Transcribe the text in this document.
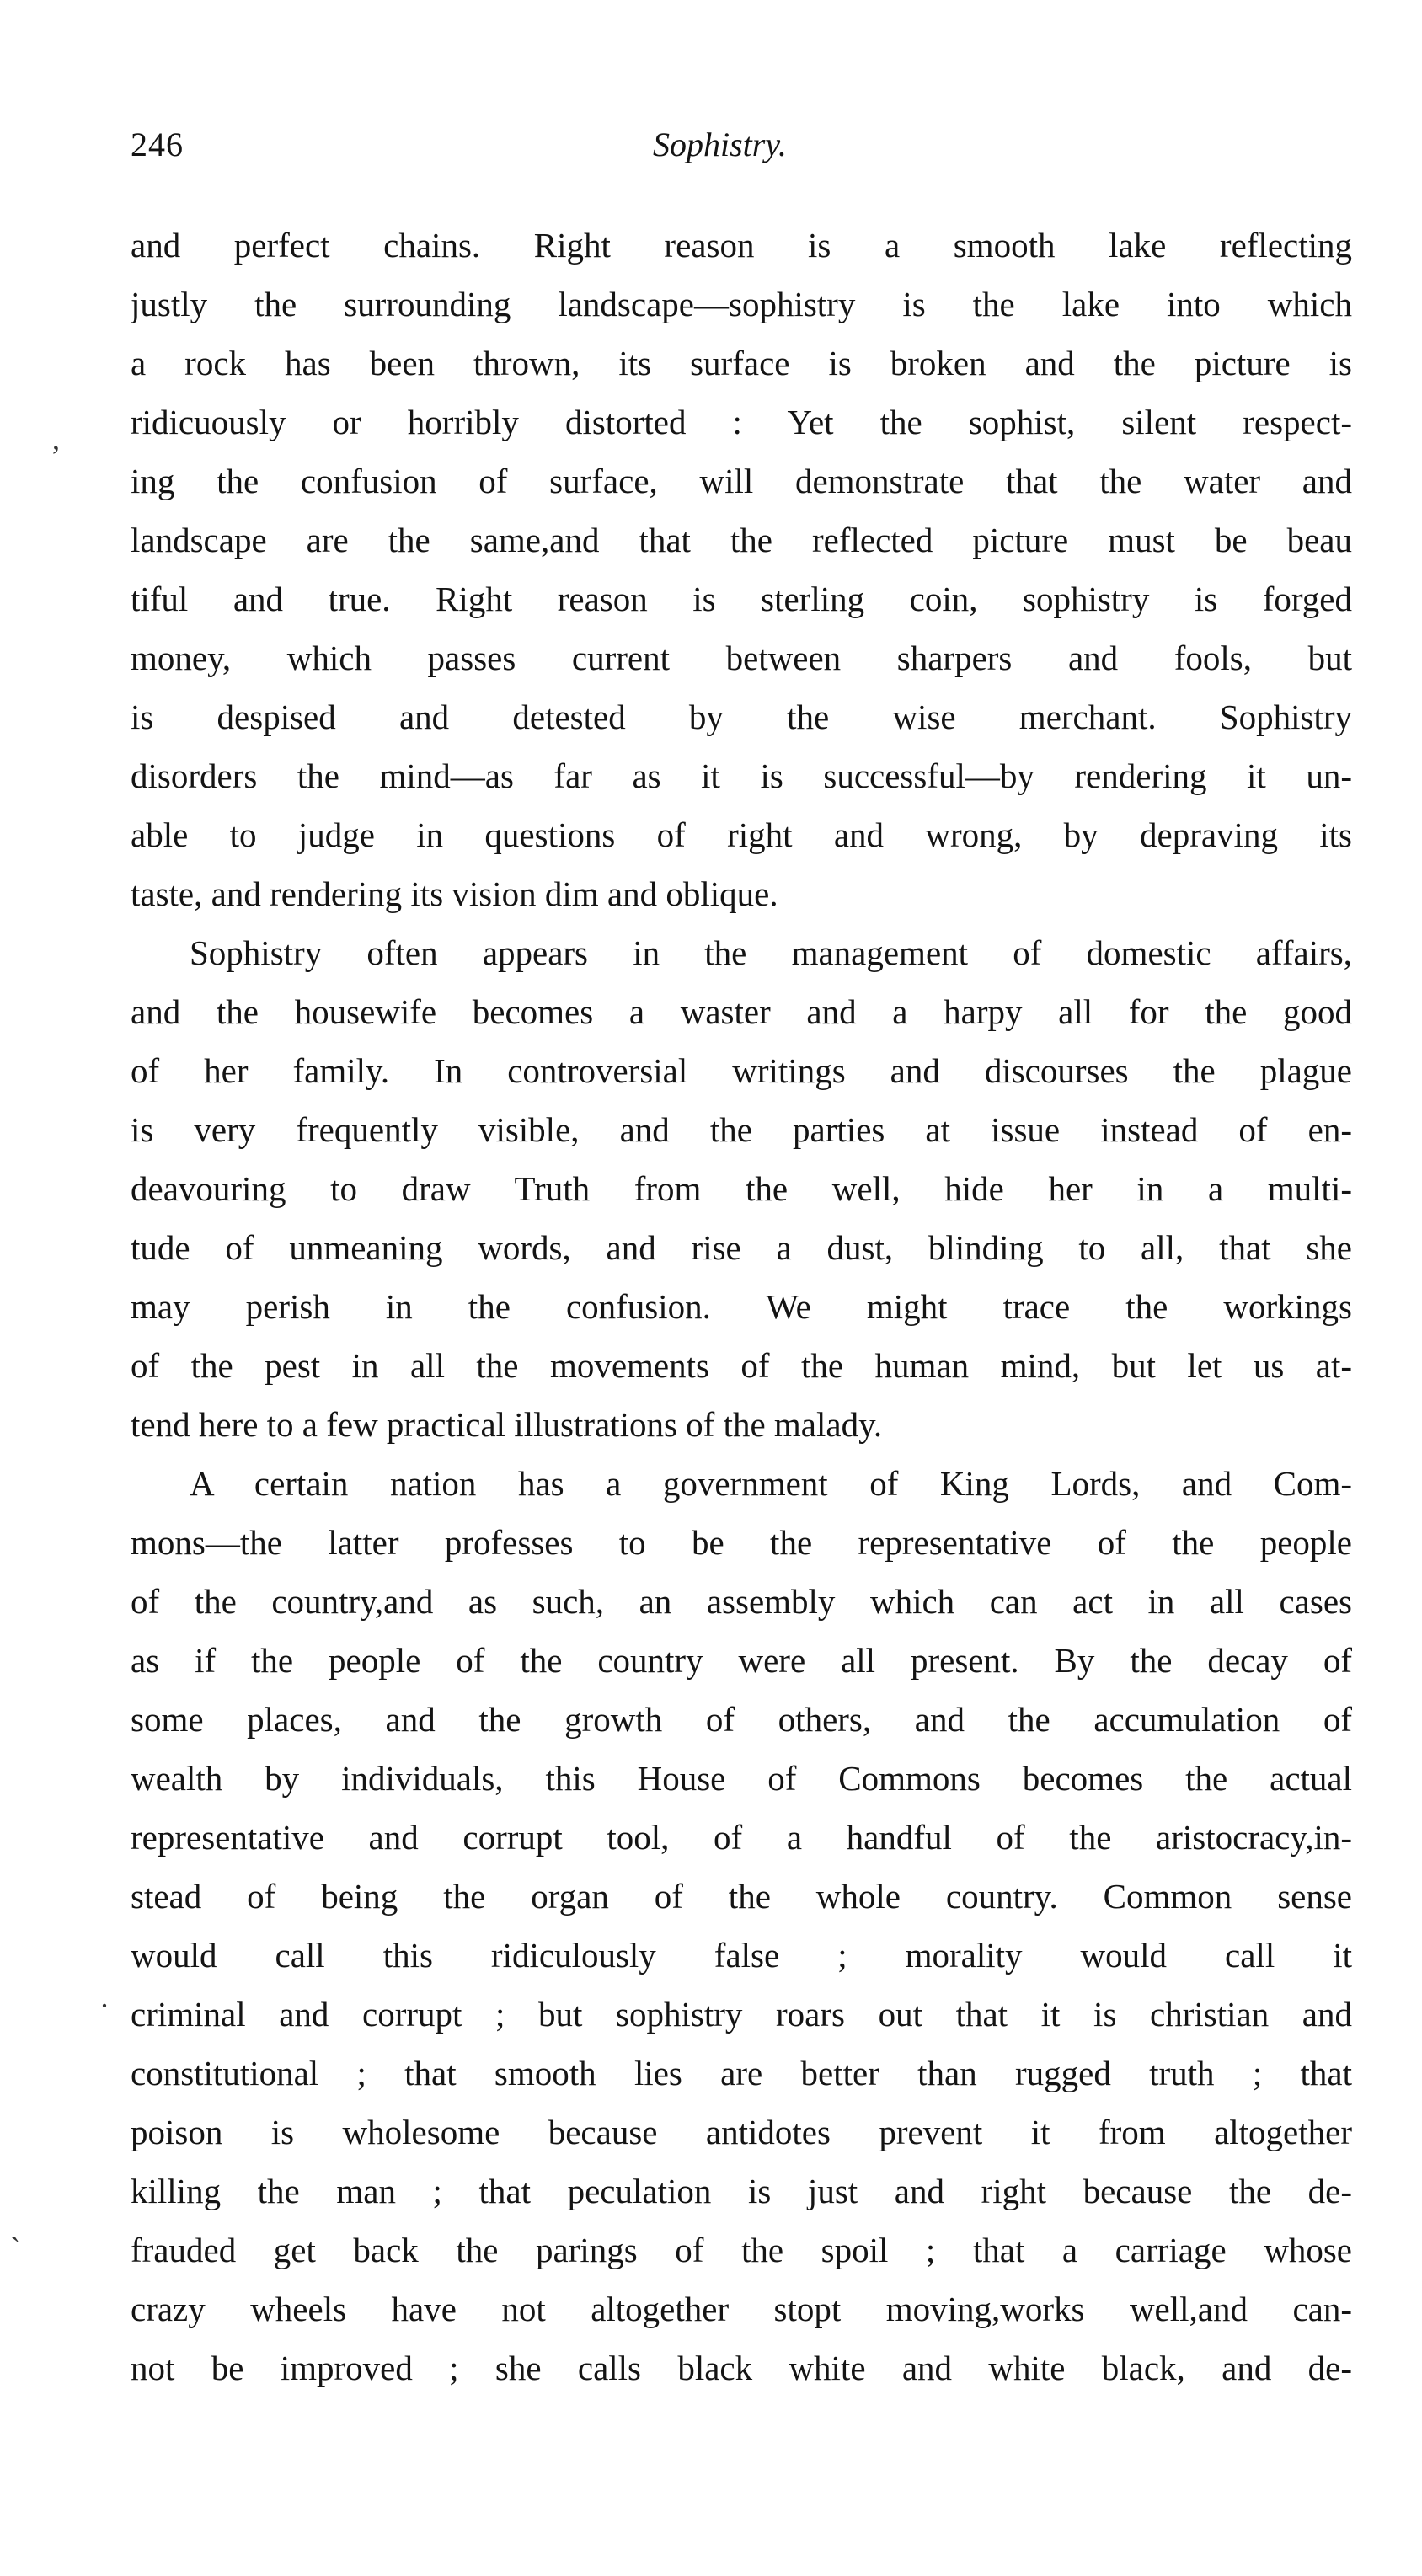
246	Sophistry.
,
·
ˎ
and perfect chains. Right reason is a smooth lake reflecting
justly the surrounding landscape—sophistry is the lake into which
a rock has been thrown, its surface is broken and the picture is
ridicuously or horribly distorted : Yet the sophist, silent respect-
ing the confusion of surface, will demonstrate that the water and
landscape are the same,and that the reflected picture must be beau
tiful and true. Right reason is sterling coin, sophistry is forged
money, which passes current between sharpers and fools, but
is despised and detested by the wise merchant. Sophistry
disorders the mind—as far as it is successful—by rendering it un-
able to judge in questions of right and wrong, by depraving its
taste, and rendering its vision dim and oblique.
Sophistry often appears in the management of domestic affairs,
and the housewife becomes a waster and a harpy all for the good
of her family. In controversial writings and discourses the plague
is very frequently visible, and the parties at issue instead of en-
deavouring to draw Truth from the well, hide her in a multi-
tude of unmeaning words, and rise a dust, blinding to all, that she
may perish in the confusion. We might trace the workings
of the pest in all the movements of the human mind, but let us at-
tend here to a few practical illustrations of the malady.
A certain nation has a government of King Lords, and Com-
mons—the latter professes to be the representative of the people
of the country,and as such, an assembly which can act in all cases
as if the people of the country were all present. By the decay of
some places, and the growth of others, and the accumulation of
wealth by individuals, this House of Commons becomes the actual
representative and corrupt tool, of a handful of the aristocracy,in-
stead of being the organ of the whole country. Common sense
would call this ridiculously false ; morality would call it
criminal and corrupt ; but sophistry roars out that it is christian and
constitutional ; that smooth lies are better than rugged truth ; that
poison is wholesome because antidotes prevent it from altogether
killing the man ; that peculation is just and right because the de-
frauded get back the parings of the spoil ; that a carriage whose
crazy wheels have not altogether stopt moving,works well,and can-
not be improved ; she calls black white and white black, and de-
